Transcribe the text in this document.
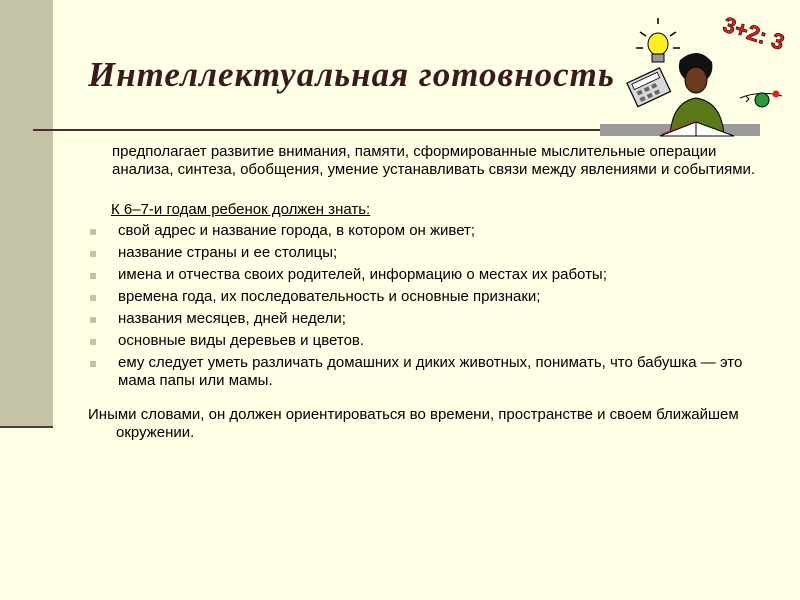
Интеллектуальная готовность
3+2: 3

предполагает развитие внимания, памяти, сформированные мыслительные операции анализа, синтеза, обобщения, умение устанавливать связи между явлениями и событиями.

К 6–7-и годам ребенок должен знать:

свой адрес и название города, в котором он живет;
название страны и ее столицы;
имена и отчества своих родителей, информацию о местах их работы;
времена года, их последовательность и основные признаки;
названия месяцев, дней недели;
основные виды деревьев и цветов.
ему следует уметь различать домашних и диких животных, понимать, что бабушка — это мама папы или мамы.

Иными словами, он должен ориентироваться во времени, пространстве и своем ближайшем окружении.
